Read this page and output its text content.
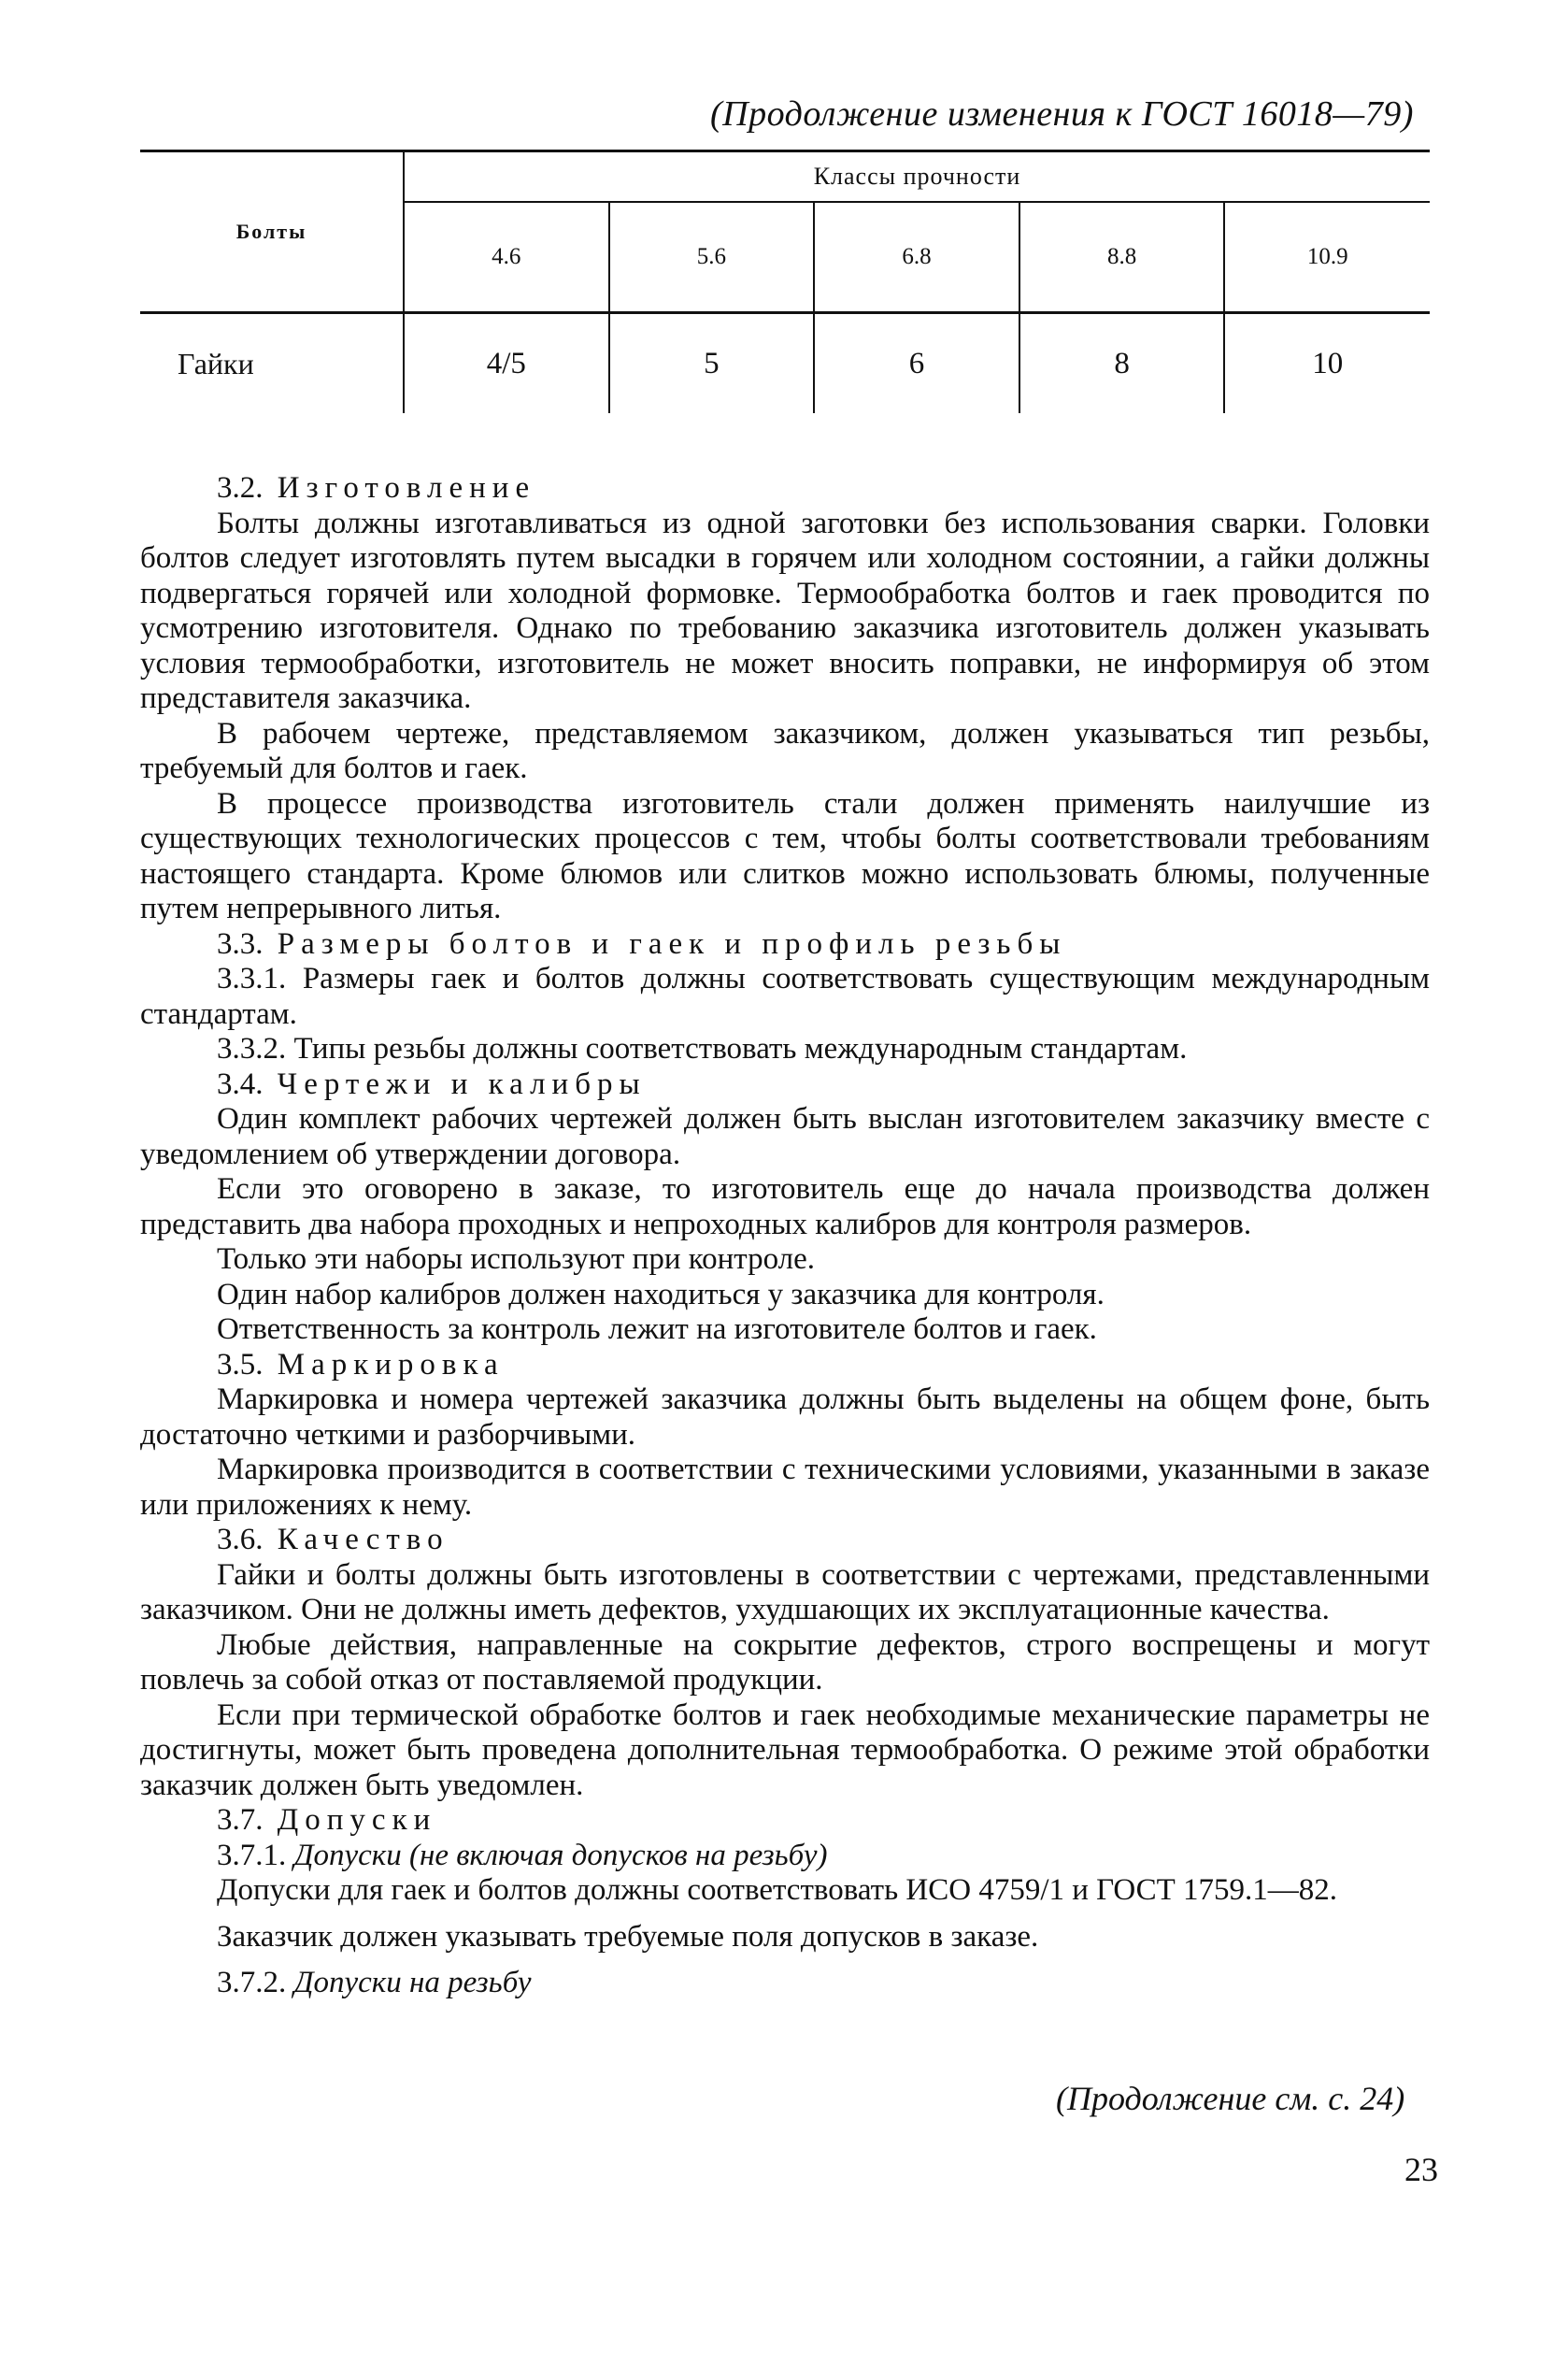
(Продолжение изменения к ГОСТ 16018—79)
Болты	Классы прочности				
	4.6	5.6	6.8	8.8	10.9
Гайки	4/5	5	6	8	10

3.2. Изготовление

Болты должны изготавливаться из одной заготовки без использования сварки. Головки болтов следует изготовлять путем высадки в горячем или холодном состоянии, а гайки должны подвергаться горячей или холодной формовке. Термообработка болтов и гаек проводится по усмотрению изготовителя. Однако по требованию заказчика изготовитель должен указывать условия термообработки, изготовитель не может вносить поправки, не информируя об этом представителя заказчика.

В рабочем чертеже, представляемом заказчиком, должен указываться тип резьбы, требуемый для болтов и гаек.

В процессе производства изготовитель стали должен применять наилучшие из существующих технологических процессов с тем, чтобы болты соответствовали требованиям настоящего стандарта. Кроме блюмов или слитков можно использовать блюмы, полученные путем непрерывного литья.

3.3. Размеры болтов и гаек и профиль резьбы

3.3.1. Размеры гаек и болтов должны соответствовать существующим международным стандартам.

3.3.2. Типы резьбы должны соответствовать международным стандартам.

3.4. Чертежи и калибры

Один комплект рабочих чертежей должен быть выслан изготовителем заказчику вместе с уведомлением об утверждении договора.

Если это оговорено в заказе, то изготовитель еще до начала производства должен представить два набора проходных и непроходных калибров для контроля размеров.

Только эти наборы используют при контроле.

Один набор калибров должен находиться у заказчика для контроля.

Ответственность за контроль лежит на изготовителе болтов и гаек.

3.5. Маркировка

Маркировка и номера чертежей заказчика должны быть выделены на общем фоне, быть достаточно четкими и разборчивыми.

Маркировка производится в соответствии с техническими условиями, указанными в заказе или приложениях к нему.

3.6. Качество

Гайки и болты должны быть изготовлены в соответствии с чертежами, представленными заказчиком. Они не должны иметь дефектов, ухудшающих их эксплуатационные качества.

Любые действия, направленные на сокрытие дефектов, строго воспрещены и могут повлечь за собой отказ от поставляемой продукции.

Если при термической обработке болтов и гаек необходимые механические параметры не достигнуты, может быть проведена дополнительная термообработка. О режиме этой обработки заказчик должен быть уведомлен.

3.7. Допуски

3.7.1. Допуски (не включая допусков на резьбу)

Допуски для гаек и болтов должны соответствовать ИСО 4759/1 и ГОСТ 1759.1—82.

Заказчик должен указывать требуемые поля допусков в заказе.

3.7.2. Допуски на резьбу

(Продолжение см. с. 24)
23
